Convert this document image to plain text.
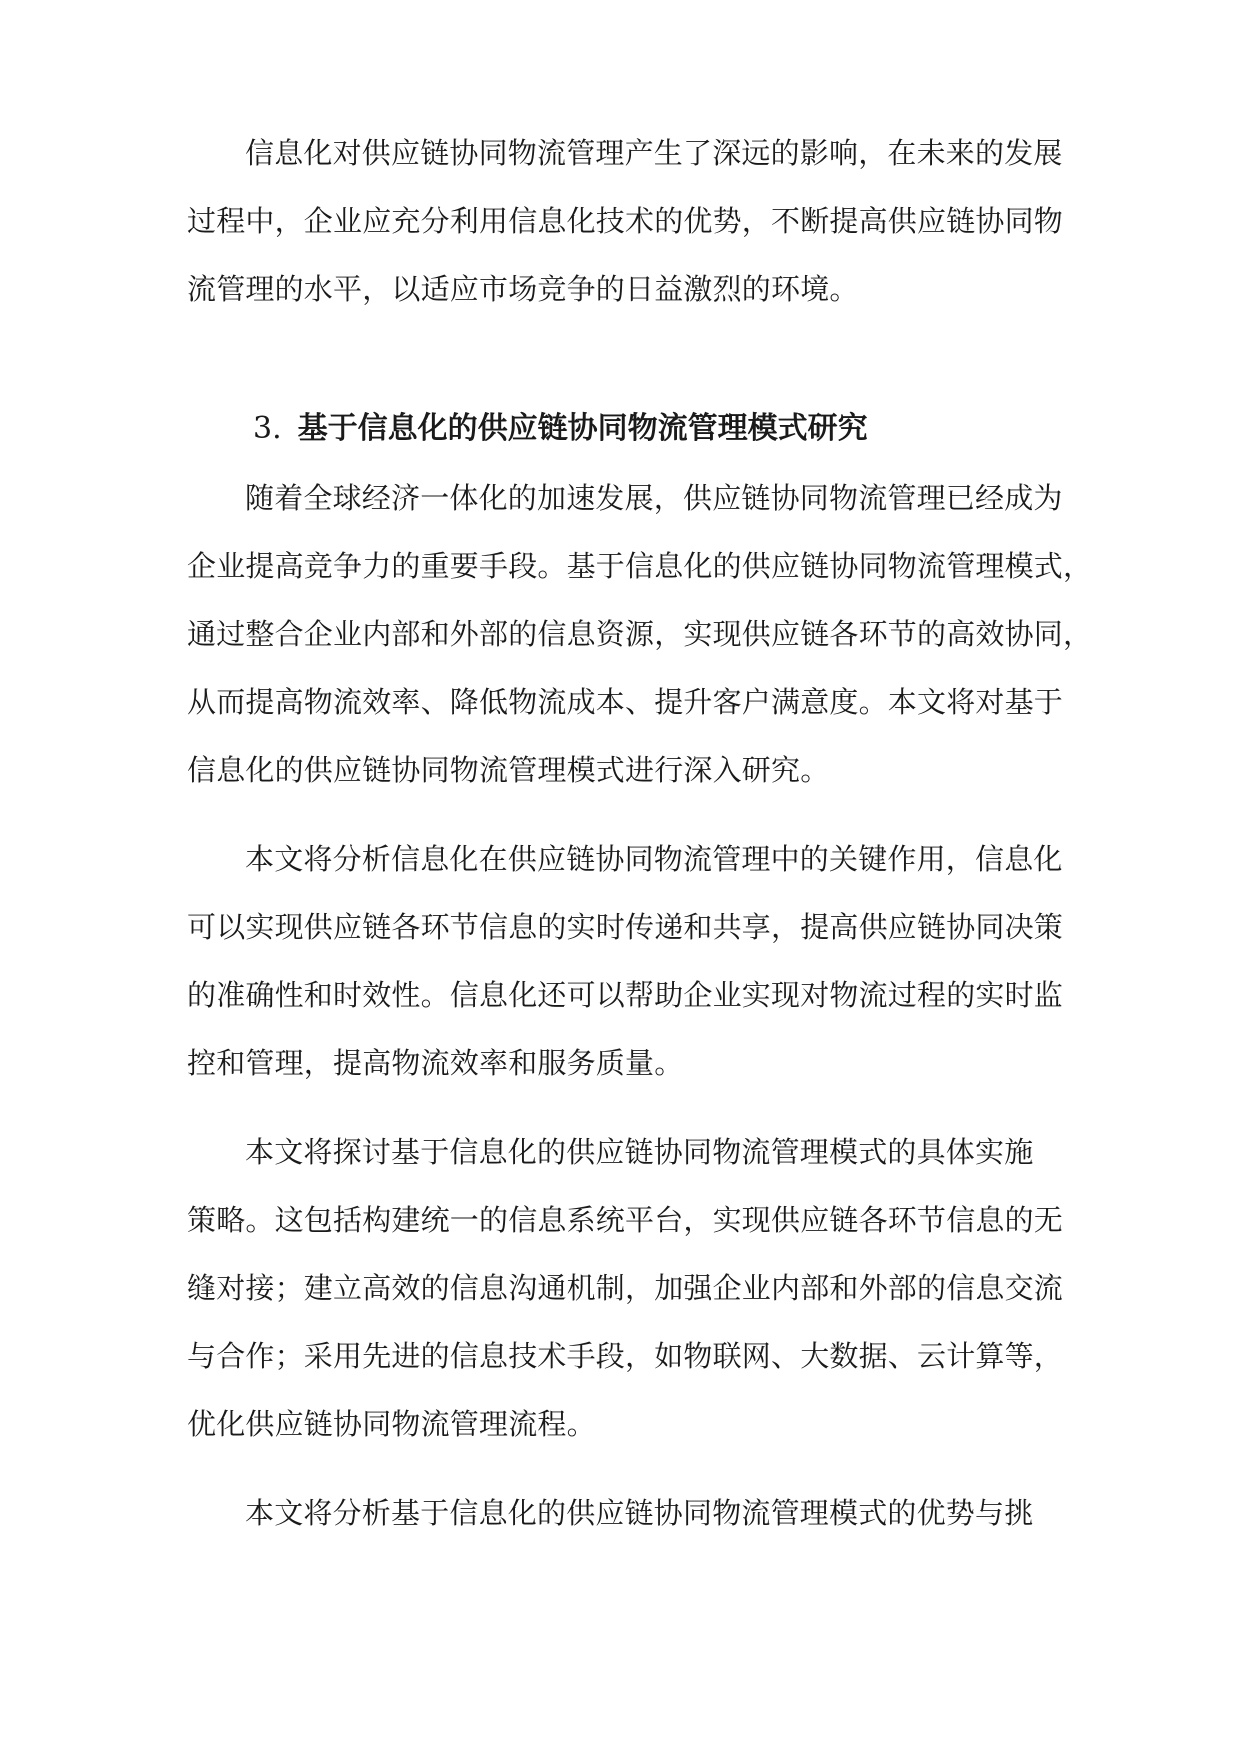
信息化对供应链协同物流管理产生了深远的影响，在未来的发展
过程中，企业应充分利用信息化技术的优势，不断提高供应链协同物
流管理的水平，以适应市场竞争的日益激烈的环境。
3. 基于信息化的供应链协同物流管理模式研究
随着全球经济一体化的加速发展，供应链协同物流管理已经成为
企业提高竞争力的重要手段。基于信息化的供应链协同物流管理模式，
通过整合企业内部和外部的信息资源，实现供应链各环节的高效协同，
从而提高物流效率、降低物流成本、提升客户满意度。本文将对基于
信息化的供应链协同物流管理模式进行深入研究。
本文将分析信息化在供应链协同物流管理中的关键作用，信息化
可以实现供应链各环节信息的实时传递和共享，提高供应链协同决策
的准确性和时效性。信息化还可以帮助企业实现对物流过程的实时监
控和管理，提高物流效率和服务质量。
本文将探讨基于信息化的供应链协同物流管理模式的具体实施
策略。这包括构建统一的信息系统平台，实现供应链各环节信息的无
缝对接；建立高效的信息沟通机制，加强企业内部和外部的信息交流
与合作；采用先进的信息技术手段，如物联网、大数据、云计算等，
优化供应链协同物流管理流程。
本文将分析基于信息化的供应链协同物流管理模式的优势与挑
